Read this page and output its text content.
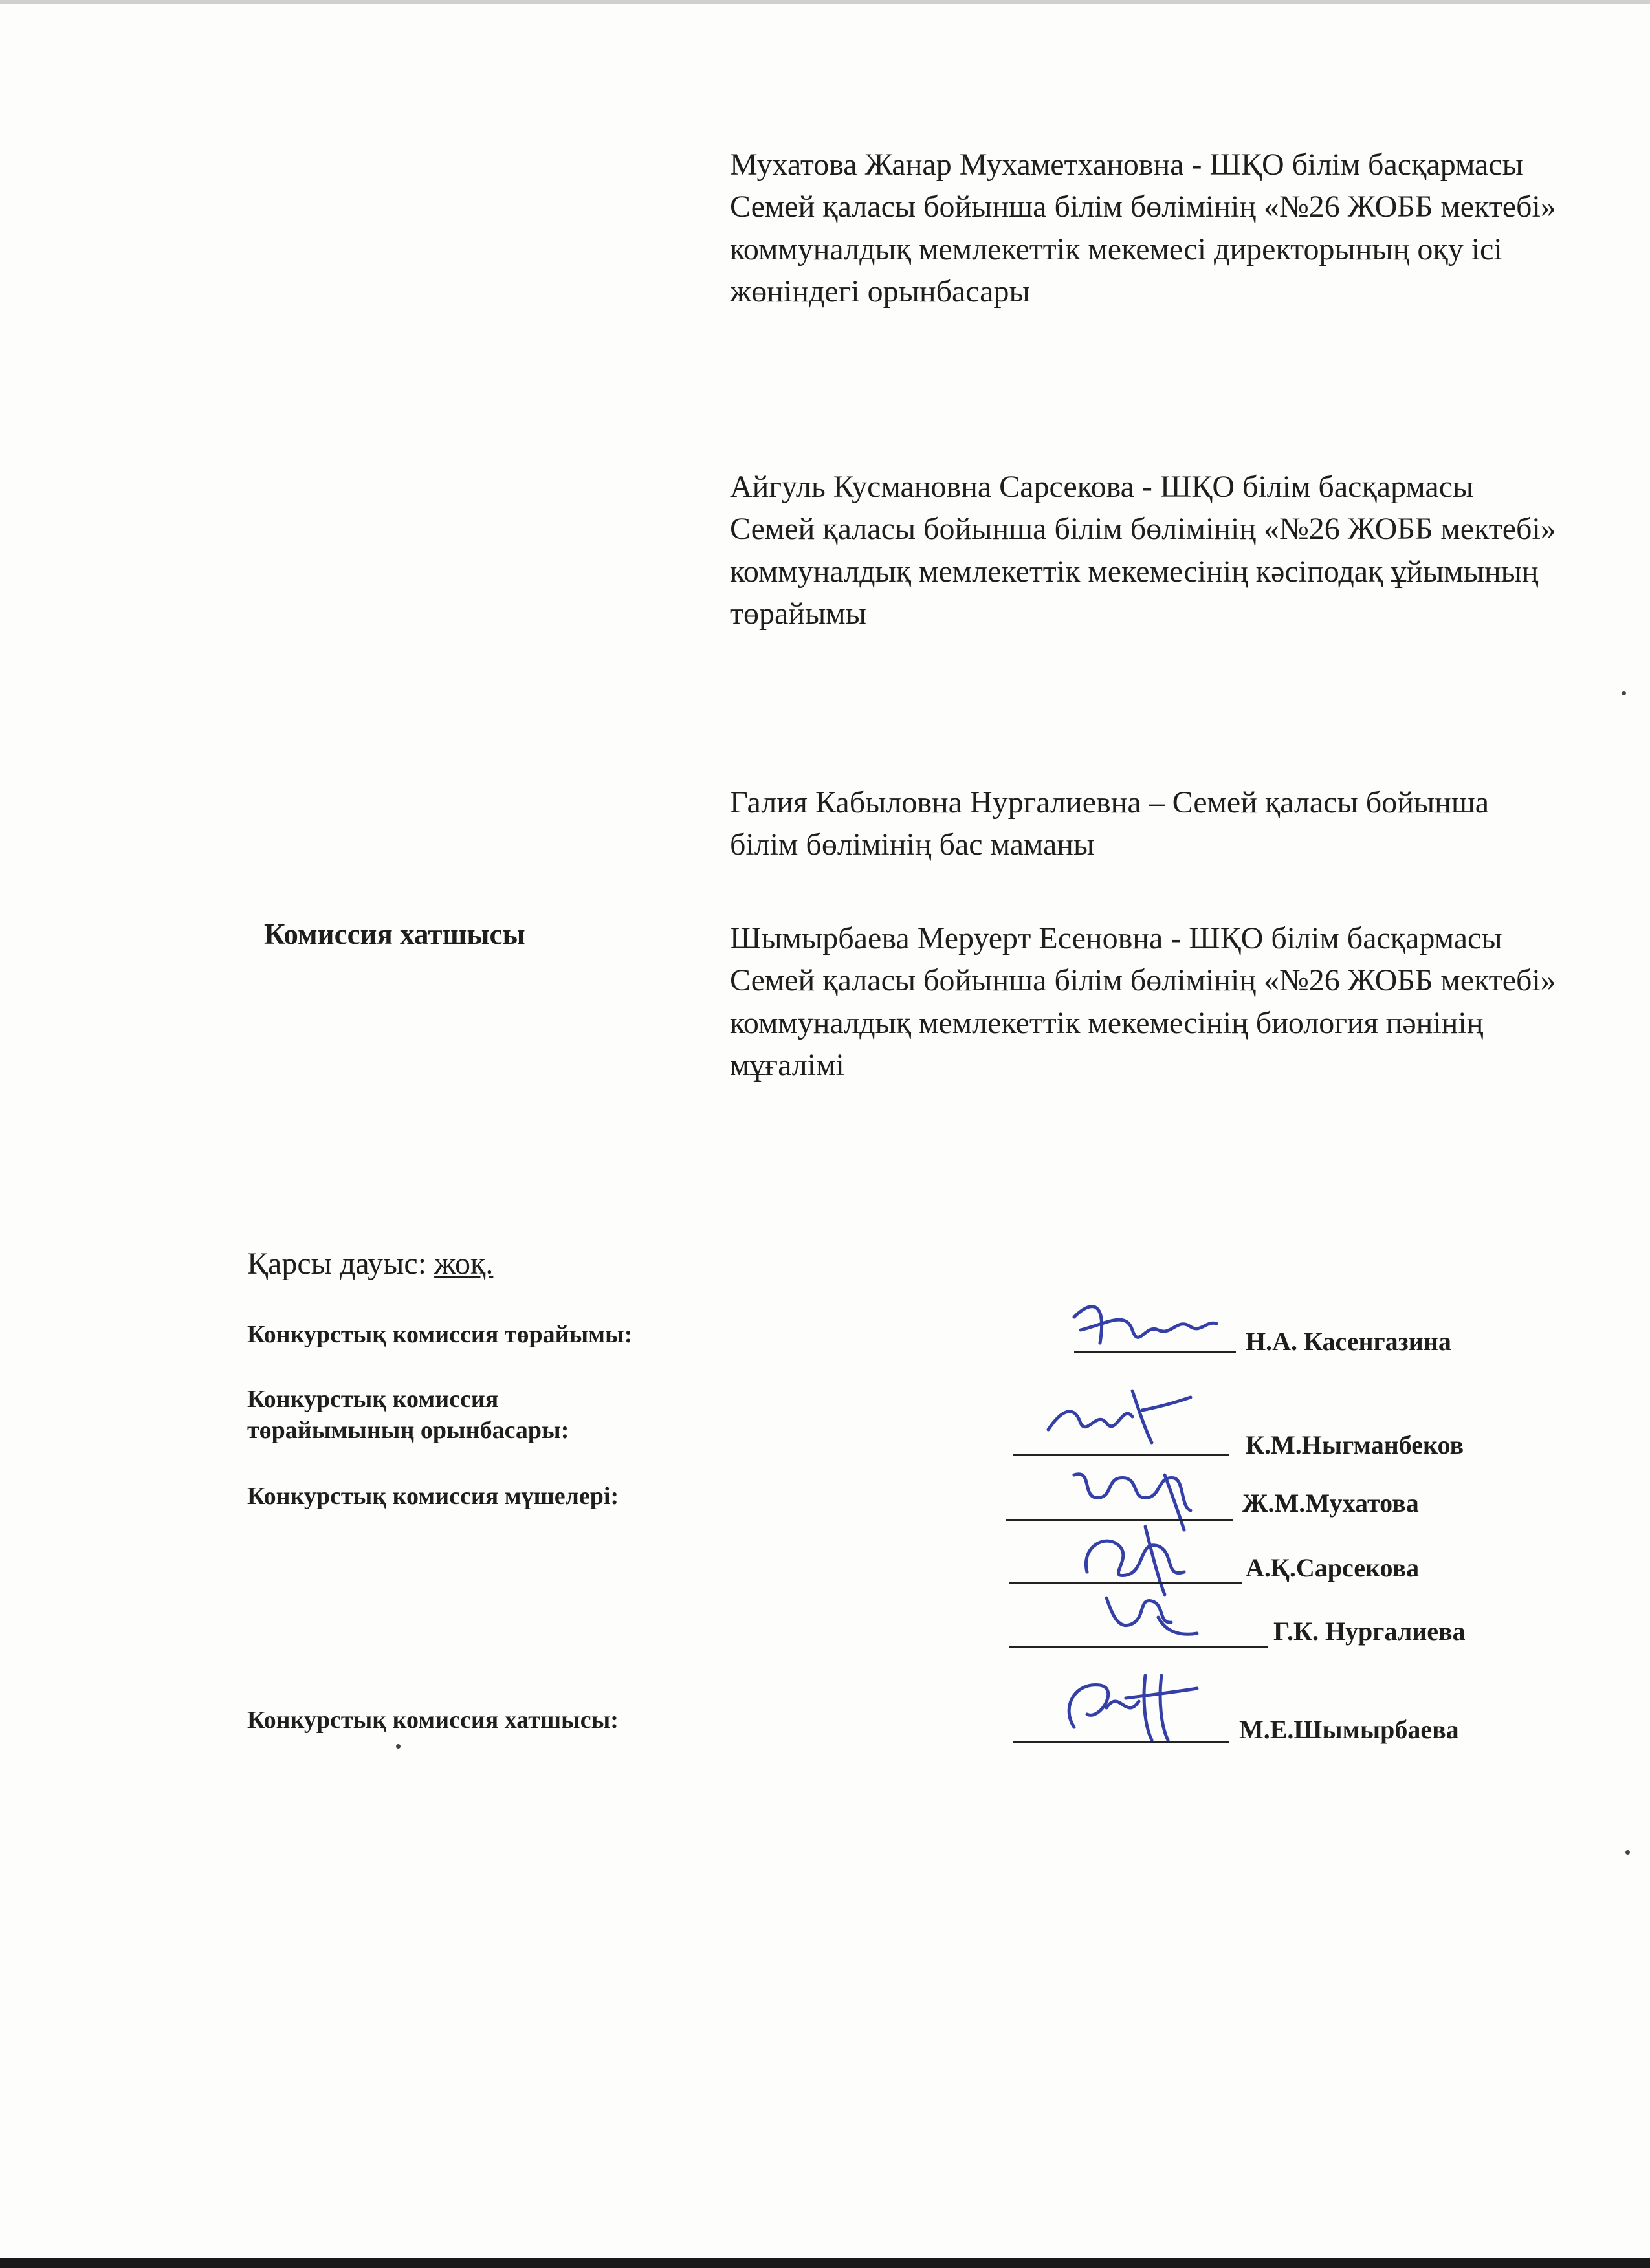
Мухатова Жанар Мухаметхановна - ШҚО білім басқармасы Семей қаласы бойынша білім бөлімінің «№26 ЖОББ мектебі» коммуналдық мемлекеттік мекемесі директорының оқу ісі жөніндегі орынбасары
Айгуль Кусмановна Сарсекова - ШҚО білім басқармасы Семей қаласы бойынша білім бөлімінің «№26 ЖОББ мектебі» коммуналдық мемлекеттік мекемесінің кәсіподақ ұйымының төрайымы
Галия Кабыловна Нургалиевна – Семей қаласы бойынша білім бөлімінің бас маманы
Комиссия хатшысы	Шымырбаева Меруерт Есеновна - ШҚО білім басқармасы Семей қаласы бойынша білім бөлімінің «№26 ЖОББ мектебі» коммуналдық мемлекеттік мекемесінің биология пәнінің мұғалімі
Қарсы дауыс: жоқ.
Конкурстық комиссия төрайымы:	Н.А. Касенгазина
Конкурстық комиссия
төрайымының орынбасары:
К.М.Ныгманбеков
Конкурстық комиссия мүшелері:	Ж.М.Мухатова
А.Қ.Сарсекова
Г.К. Нургалиева
Конкурстық комиссия хатшысы:	М.Е.Шымырбаева
